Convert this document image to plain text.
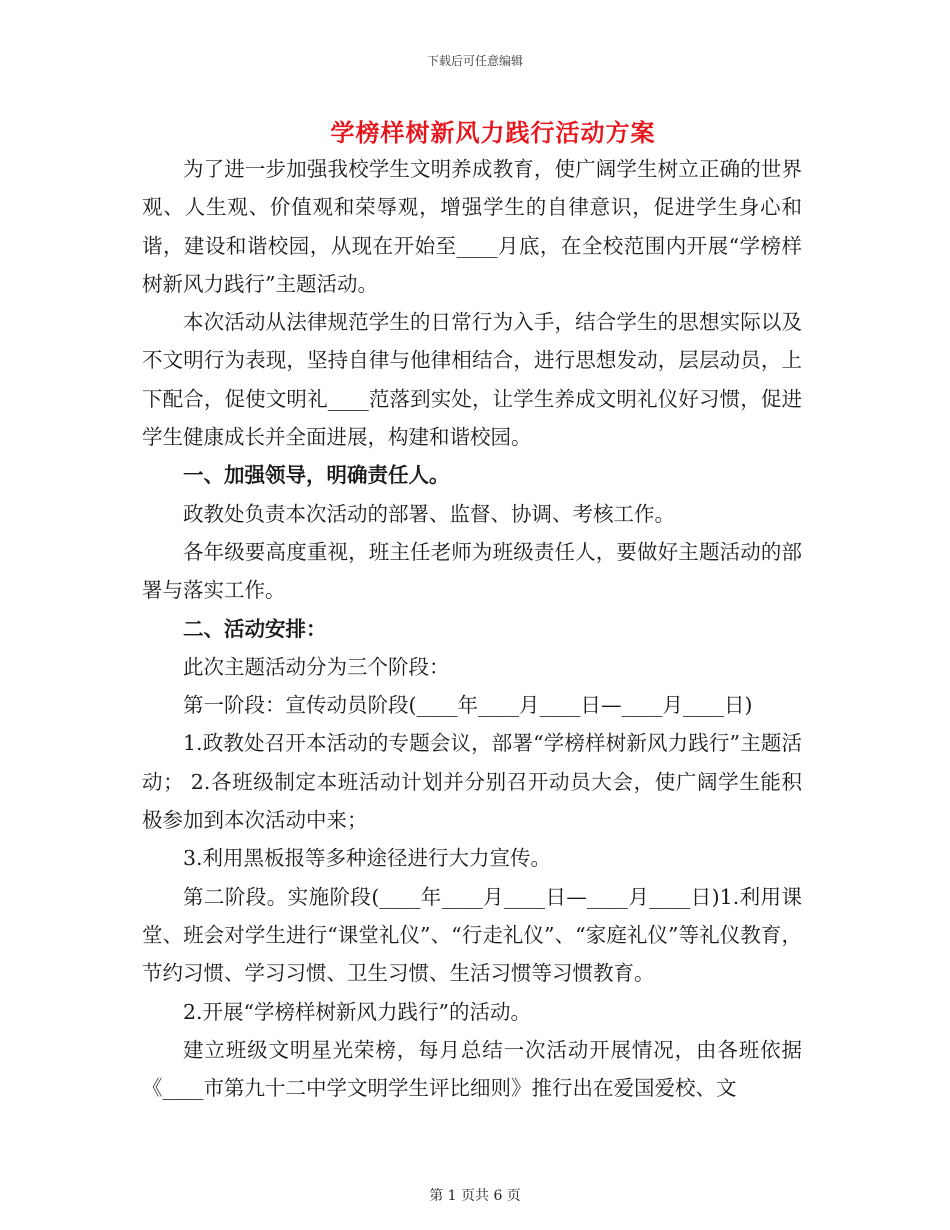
下载后可任意编辑
学榜样树新风力践行活动方案

为了进一步加强我校学生文明养成教育，使广阔学生树立正确的世界观、人生观、价值观和荣辱观，增强学生的自律意识，促进学生身心和谐，建设和谐校园，从现在开始至____月底，在全校范围内开展“学榜样树新风力践行”主题活动。

本次活动从法律规范学生的日常行为入手，结合学生的思想实际以及不文明行为表现，坚持自律与他律相结合，进行思想发动，层层动员，上下配合，促使文明礼____范落到实处，让学生养成文明礼仪好习惯，促进学生健康成长并全面进展，构建和谐校园。

一、加强领导，明确责任人。

政教处负责本次活动的部署、监督、协调、考核工作。

各年级要高度重视，班主任老师为班级责任人，要做好主题活动的部署与落实工作。

二、活动安排：

此次主题活动分为三个阶段：

第一阶段：宣传动员阶段(____年____月____日—____月____日)

1.政教处召开本活动的专题会议，部署“学榜样树新风力践行”主题活动； 2.各班级制定本班活动计划并分别召开动员大会，使广阔学生能积极参加到本次活动中来；

3.利用黑板报等多种途径进行大力宣传。

第二阶段。实施阶段(____年____月____日—____月____日)1.利用课堂、班会对学生进行“课堂礼仪”、“行走礼仪”、“家庭礼仪”等礼仪教育，节约习惯、学习习惯、卫生习惯、生活习惯等习惯教育。

2.开展“学榜样树新风力践行”的活动。

建立班级文明星光荣榜，每月总结一次活动开展情况，由各班依据《____市第九十二中学文明学生评比细则》推行出在爱国爱校、文

第 1 页共 6 页
